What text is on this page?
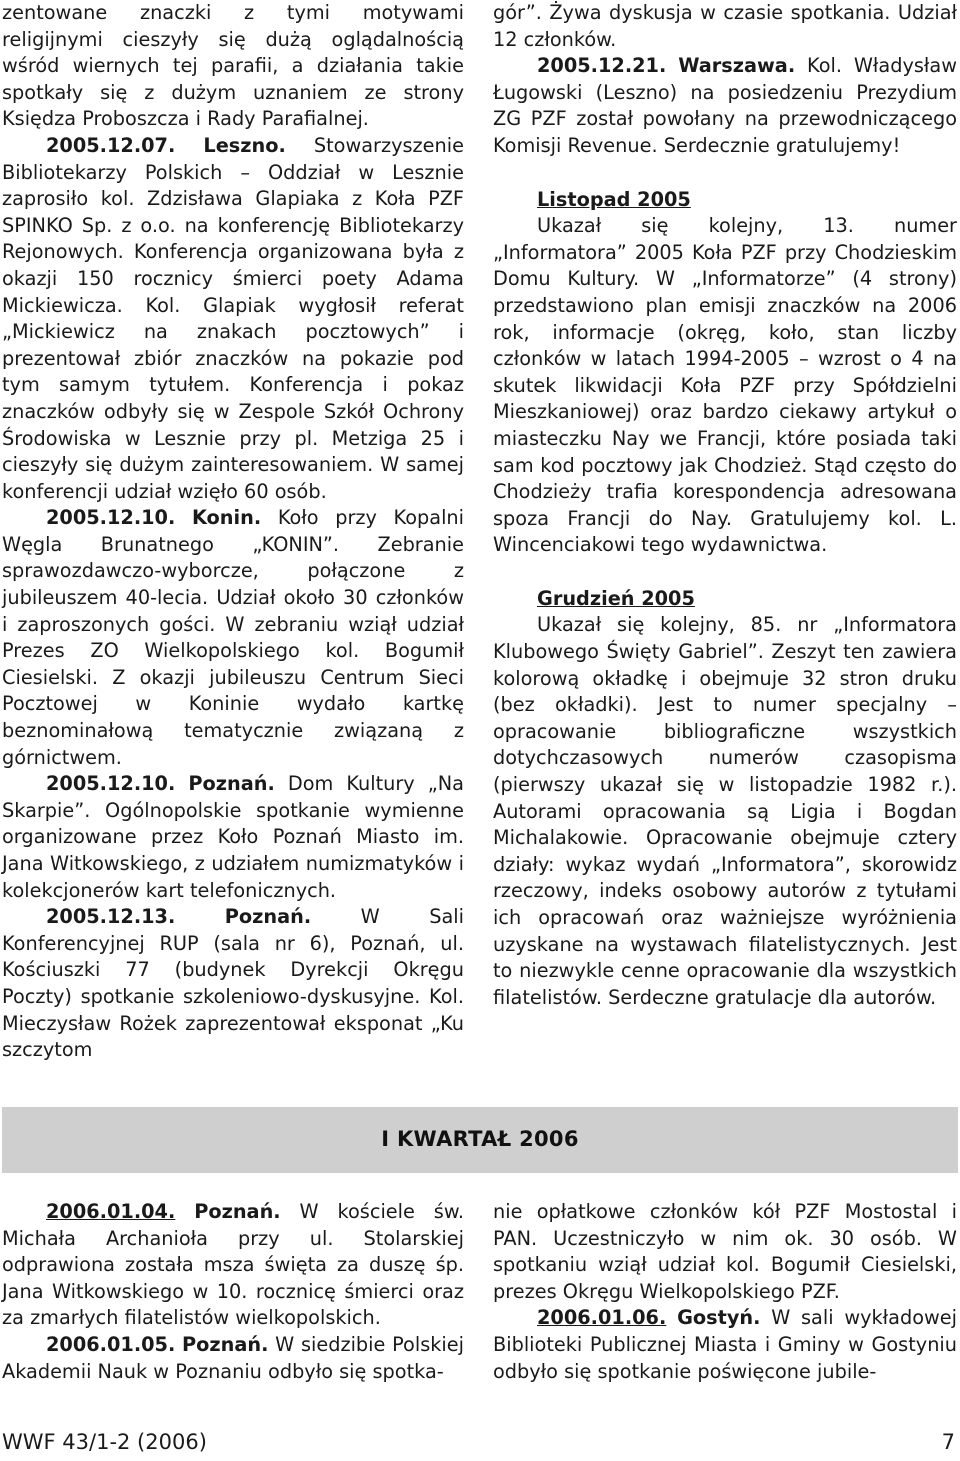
zentowane znaczki z tymi motywami religijnymi cieszyły się dużą oglądalnością wśród wiernych tej parafii, a działania takie spotkały się z dużym uznaniem ze strony Księdza Proboszcza i Rady Parafialnej.

2005.12.07. Leszno. Stowarzyszenie Bibliotekarzy Polskich – Oddział w Lesznie zaprosiło kol. Zdzisława Glapiaka z Koła PZF SPINKO Sp. z o.o. na konferencję Bibliotekarzy Rejonowych. Konferencja organizowana była z okazji 150 rocznicy śmierci poety Adama Mickiewicza. Kol. Glapiak wygłosił referat „Mickiewicz na znakach pocztowych” i prezentował zbiór znaczków na pokazie pod tym samym tytułem. Konferencja i pokaz znaczków odbyły się w Zespole Szkół Ochrony Środowiska w Lesznie przy pl. Metziga 25 i cieszyły się dużym zainteresowaniem. W samej konferencji udział wzięło 60 osób.

2005.12.10. Konin. Koło przy Kopalni Węgla Brunatnego „KONIN”. Zebranie sprawozdawczo-wyborcze, połączone z jubileuszem 40-lecia. Udział około 30 członków i zaproszonych gości. W zebraniu wziął udział Prezes ZO Wielkopolskiego kol. Bogumił Ciesielski. Z okazji jubileuszu Centrum Sieci Pocztowej w Koninie wydało kartkę beznominałową tematycznie związaną z górnictwem.

2005.12.10. Poznań. Dom Kultury „Na Skarpie”. Ogólnopolskie spotkanie wymienne organizowane przez Koło Poznań Miasto im. Jana Witkowskiego, z udziałem numizmatyków i kolekcjonerów kart telefonicznych.

2005.12.13.	Poznań. W Sali Konferencyjnej RUP (sala nr 6), Poznań, ul. Kościuszki 77 (budynek Dyrekcji Okręgu Poczty) spotkanie szkoleniowo-dyskusyjne. Kol. Mieczysław Rożek zaprezentował eksponat „Ku szczytom

gór”. Żywa dyskusja w czasie spotkania. Udział 12 członków.

2005.12.21. Warszawa. Kol. Władysław Ługowski (Leszno) na posiedzeniu Prezydium ZG PZF został powołany na przewodniczącego Komisji Revenue. Serdecznie gratulujemy!

Listopad 2005

Ukazał się kolejny, 13. numer „Informatora” 2005 Koła PZF przy Chodzieskim Domu Kultury. W „Informatorze” (4 strony) przedstawiono plan emisji znaczków na 2006 rok, informacje (okręg, koło, stan liczby członków w latach 1994-2005 – wzrost o 4 na skutek likwidacji Koła PZF przy Spółdzielni Mieszkaniowej) oraz bardzo ciekawy artykuł o miasteczku Nay we Francji, które posiada taki sam kod pocztowy jak Chodzież. Stąd często do Chodzieży trafia korespondencja adresowana spoza Francji do Nay. Gratulujemy kol. L. Wincenciakowi tego wydawnictwa.

Grudzień 2005

Ukazał się kolejny, 85. nr „Informatora Klubowego Święty Gabriel”. Zeszyt ten zawiera kolorową okładkę i obejmuje 32 stron druku (bez okładki). Jest to numer specjalny – opracowanie bibliograficzne wszystkich dotychczasowych numerów czasopisma (pierwszy ukazał się w listopadzie 1982 r.). Autorami opracowania są Ligia i Bogdan Michalakowie. Opracowanie obejmuje cztery działy: wykaz wydań „Informatora”, skorowidz rzeczowy, indeks osobowy autorów z tytułami ich opracowań oraz ważniejsze wyróżnienia uzyskane na wystawach filatelistycznych. Jest to niezwykle cenne opracowanie dla wszystkich filatelistów. Serdeczne gratulacje dla autorów.

I KWARTAŁ 2006

2006.01.04. Poznań. W kościele św. Michała Archanioła przy ul. Stolarskiej odprawiona została msza święta za duszę śp. Jana Witkowskiego w 10. rocznicę śmierci oraz za zmarłych filatelistów wielkopolskich.

2006.01.05. Poznań. W siedzibie Polskiej Akademii Nauk w Poznaniu odbyło się spotka-

nie opłatkowe członków kół PZF Mostostal i PAN. Uczestniczyło w nim ok. 30 osób. W spotkaniu wziął udział kol. Bogumił Ciesielski, prezes Okręgu Wielkopolskiego PZF.

2006.01.06. Gostyń. W sali wykładowej Biblioteki Publicznej Miasta i Gminy w Gostyniu odbyło się spotkanie poświęcone jubile-

WWF 43/1-2 (2006)	7
